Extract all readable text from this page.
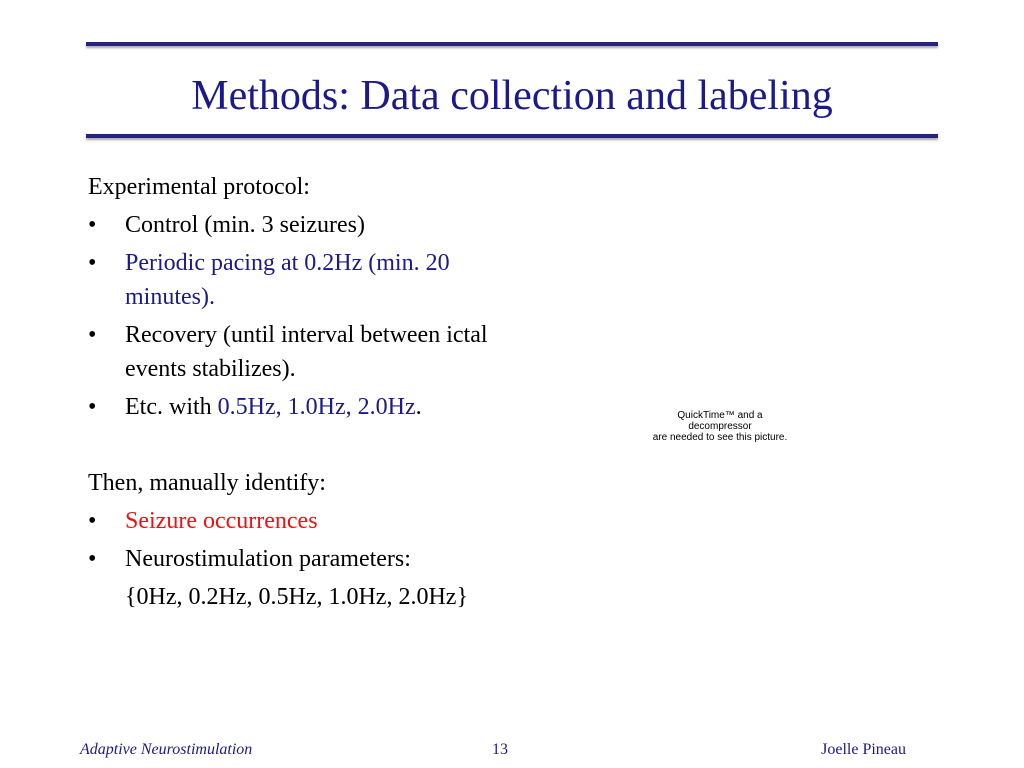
Methods: Data collection and labeling

Experimental protocol:

• Control (min. 3 seizures)
• Periodic pacing at 0.2Hz (min. 20
minutes).
• Recovery (until interval between ictal
events stabilizes).
• Etc. with 0.5Hz, 1.0Hz, 2.0Hz.

Then, manually identify:

• Seizure occurrences
• Neurostimulation parameters:
{0Hz, 0.2Hz, 0.5Hz, 1.0Hz, 2.0Hz}
QuickTime™ and a
decompressor
are needed to see this picture.
Adaptive Neurostimulation	13	Joelle Pineau
